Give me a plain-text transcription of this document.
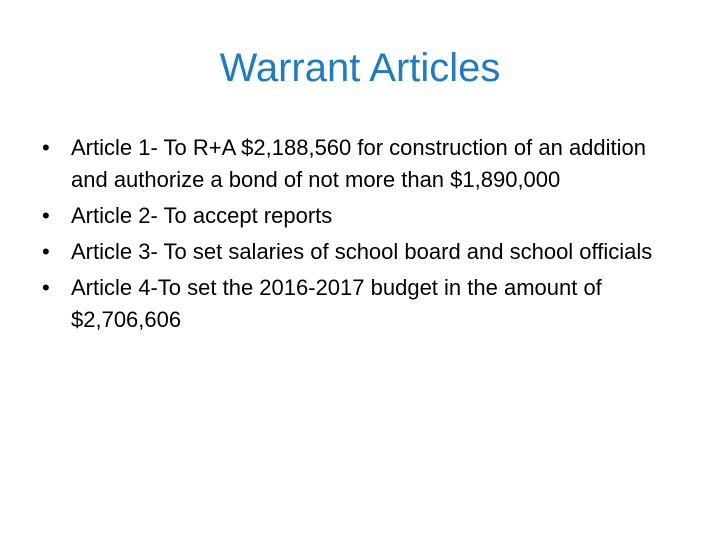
Warrant Articles
• Article 1- To R+A $2,188,560 for construction of an addition and authorize a bond of not more than $1,890,000
• Article 2- To accept reports
• Article 3- To set salaries of school board and school officials
• Article 4-To set the 2016-2017 budget in the amount of $2,706,606
